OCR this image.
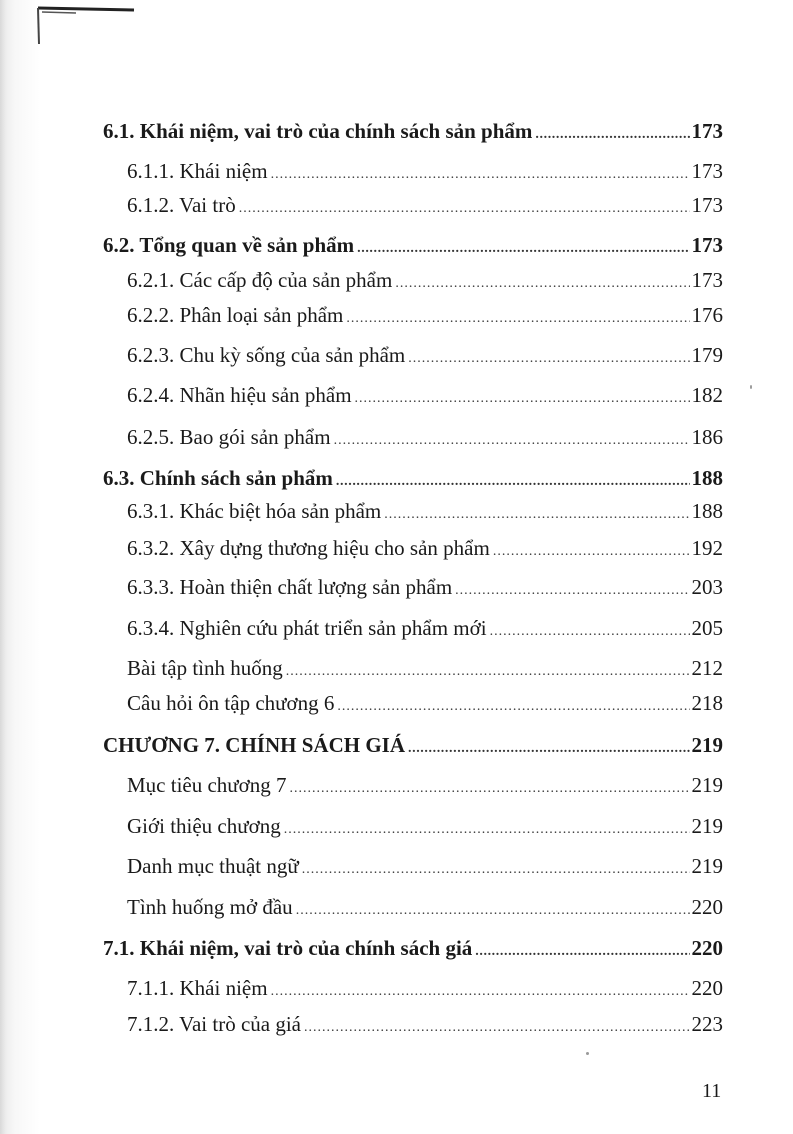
6.1. Khái niệm, vai trò của chính sách sản phẩm .....	173
6.1.1. Khái niệm .....	173
6.1.2. Vai trò .....	173
6.2. Tổng quan về sản phẩm .....	173
6.2.1. Các cấp độ của sản phẩm .....	173
6.2.2. Phân loại sản phẩm .....	176
6.2.3. Chu kỳ sống của sản phẩm .....	179
6.2.4. Nhãn hiệu sản phẩm .....	182
6.2.5. Bao gói sản phẩm .....	186
6.3. Chính sách sản phẩm .....	188
6.3.1. Khác biệt hóa sản phẩm .....	188
6.3.2. Xây dựng thương hiệu cho sản phẩm .....	192
6.3.3. Hoàn thiện chất lượng sản phẩm .....	203
6.3.4. Nghiên cứu phát triển sản phẩm mới .....	205
Bài tập tình huống .....	212
Câu hỏi ôn tập chương 6 .....	218
CHƯƠNG 7. CHÍNH SÁCH GIÁ .....	219
Mục tiêu chương 7 .....	219
Giới thiệu chương .....	219
Danh mục thuật ngữ .....	219
Tình huống mở đầu .....	220
7.1. Khái niệm, vai trò của chính sách giá .....	220
7.1.1. Khái niệm .....	220
7.1.2. Vai trò của giá .....	223
11
